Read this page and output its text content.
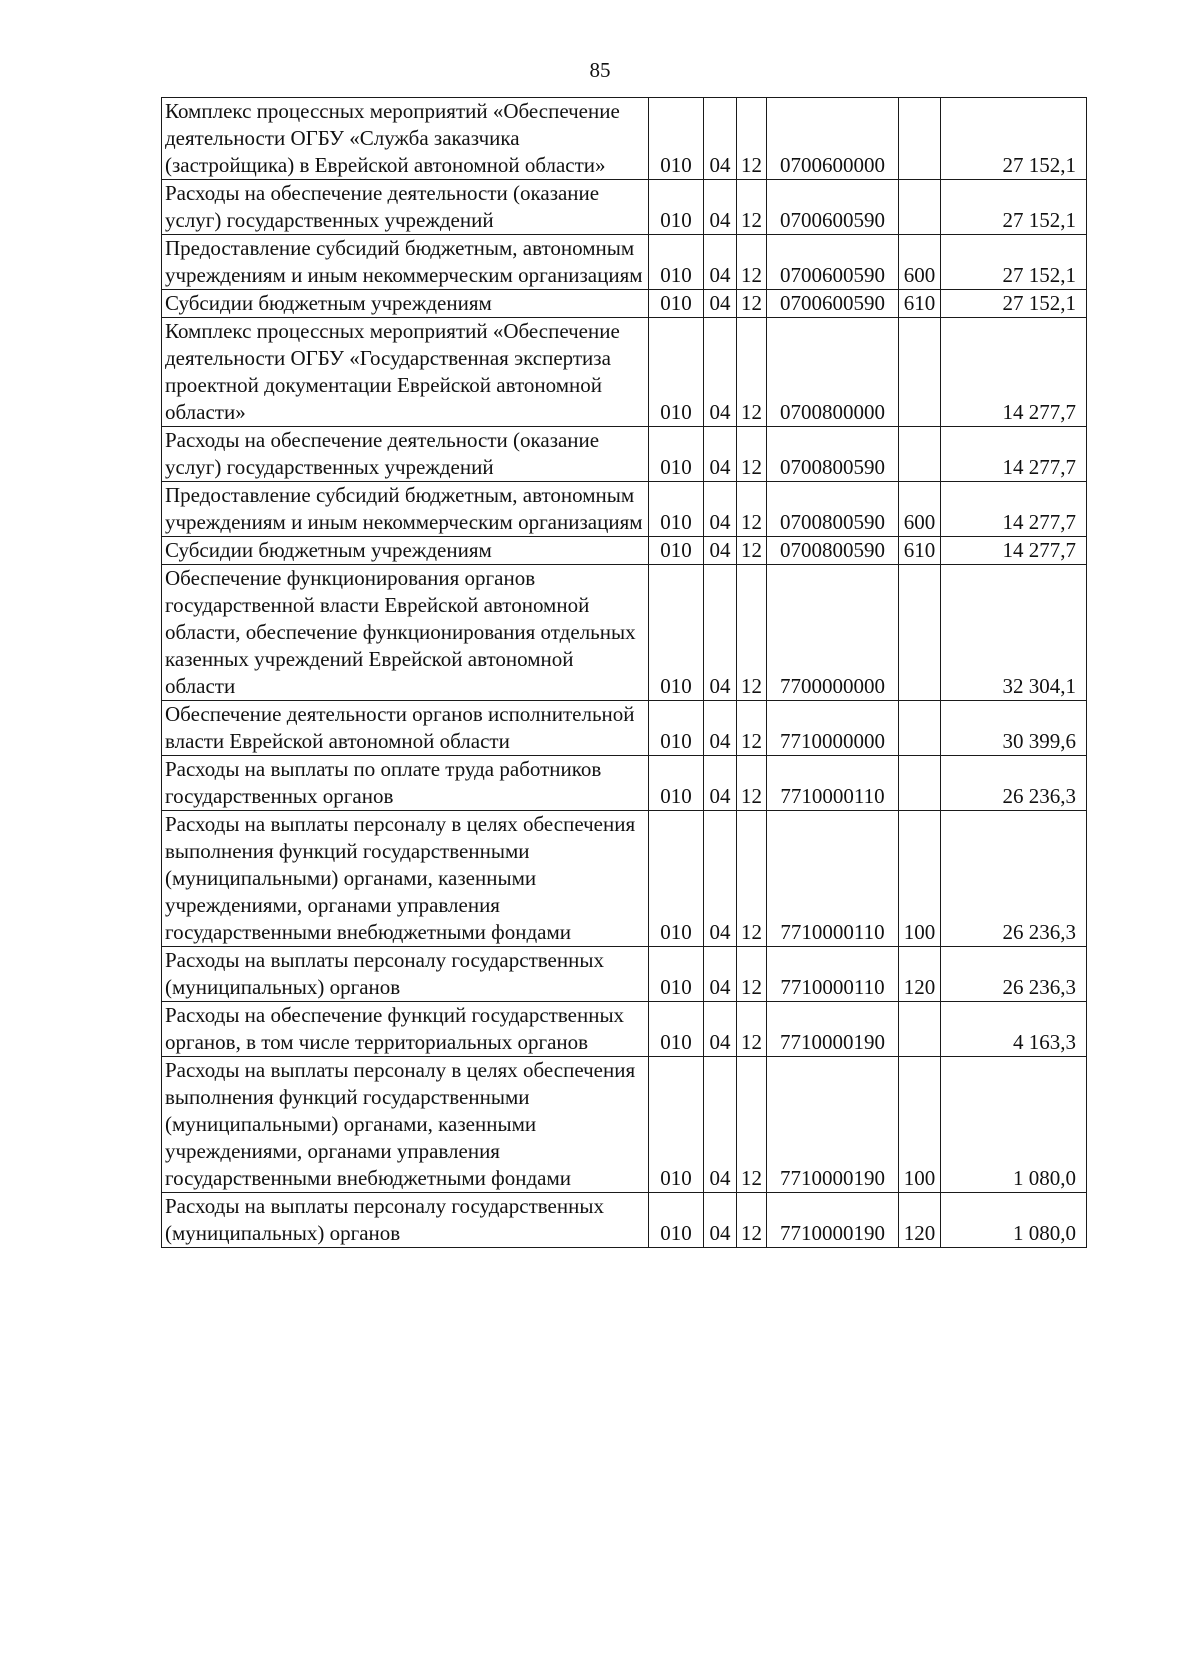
85
Комплекс процессных мероприятий «Обеспечение деятельности ОГБУ «Служба заказчика (застройщика) в Еврейской автономной области»	010	04	12	0700600000		27 152,1
Расходы на обеспечение деятельности (оказание услуг) государственных учреждений	010	04	12	0700600590		27 152,1
Предоставление субсидий бюджетным, автономным учреждениям и иным некоммерческим организациям	010	04	12	0700600590	600	27 152,1
Субсидии бюджетным учреждениям	010	04	12	0700600590	610	27 152,1
Комплекс процессных мероприятий «Обеспечение деятельности ОГБУ «Государственная экспертиза проектной документации Еврейской автономной области»	010	04	12	0700800000		14 277,7
Расходы на обеспечение деятельности (оказание услуг) государственных учреждений	010	04	12	0700800590		14 277,7
Предоставление субсидий бюджетным, автономным учреждениям и иным некоммерческим организациям	010	04	12	0700800590	600	14 277,7
Субсидии бюджетным учреждениям	010	04	12	0700800590	610	14 277,7
Обеспечение функционирования органов государственной власти Еврейской автономной области, обеспечение функционирования отдельных казенных учреждений Еврейской автономной области	010	04	12	7700000000		32 304,1
Обеспечение деятельности органов исполнительной власти Еврейской автономной области	010	04	12	7710000000		30 399,6
Расходы на выплаты по оплате труда работников государственных органов	010	04	12	7710000110		26 236,3
Расходы на выплаты персоналу в целях обеспечения выполнения функций государственными (муниципальными) органами, казенными учреждениями, органами управления государственными внебюджетными фондами	010	04	12	7710000110	100	26 236,3
Расходы на выплаты персоналу государственных (муниципальных) органов	010	04	12	7710000110	120	26 236,3
Расходы на обеспечение функций государственных органов, в том числе территориальных органов	010	04	12	7710000190		4 163,3
Расходы на выплаты персоналу в целях обеспечения выполнения функций государственными (муниципальными) органами, казенными учреждениями, органами управления государственными внебюджетными фондами	010	04	12	7710000190	100	1 080,0
Расходы на выплаты персоналу государственных (муниципальных) органов	010	04	12	7710000190	120	1 080,0
